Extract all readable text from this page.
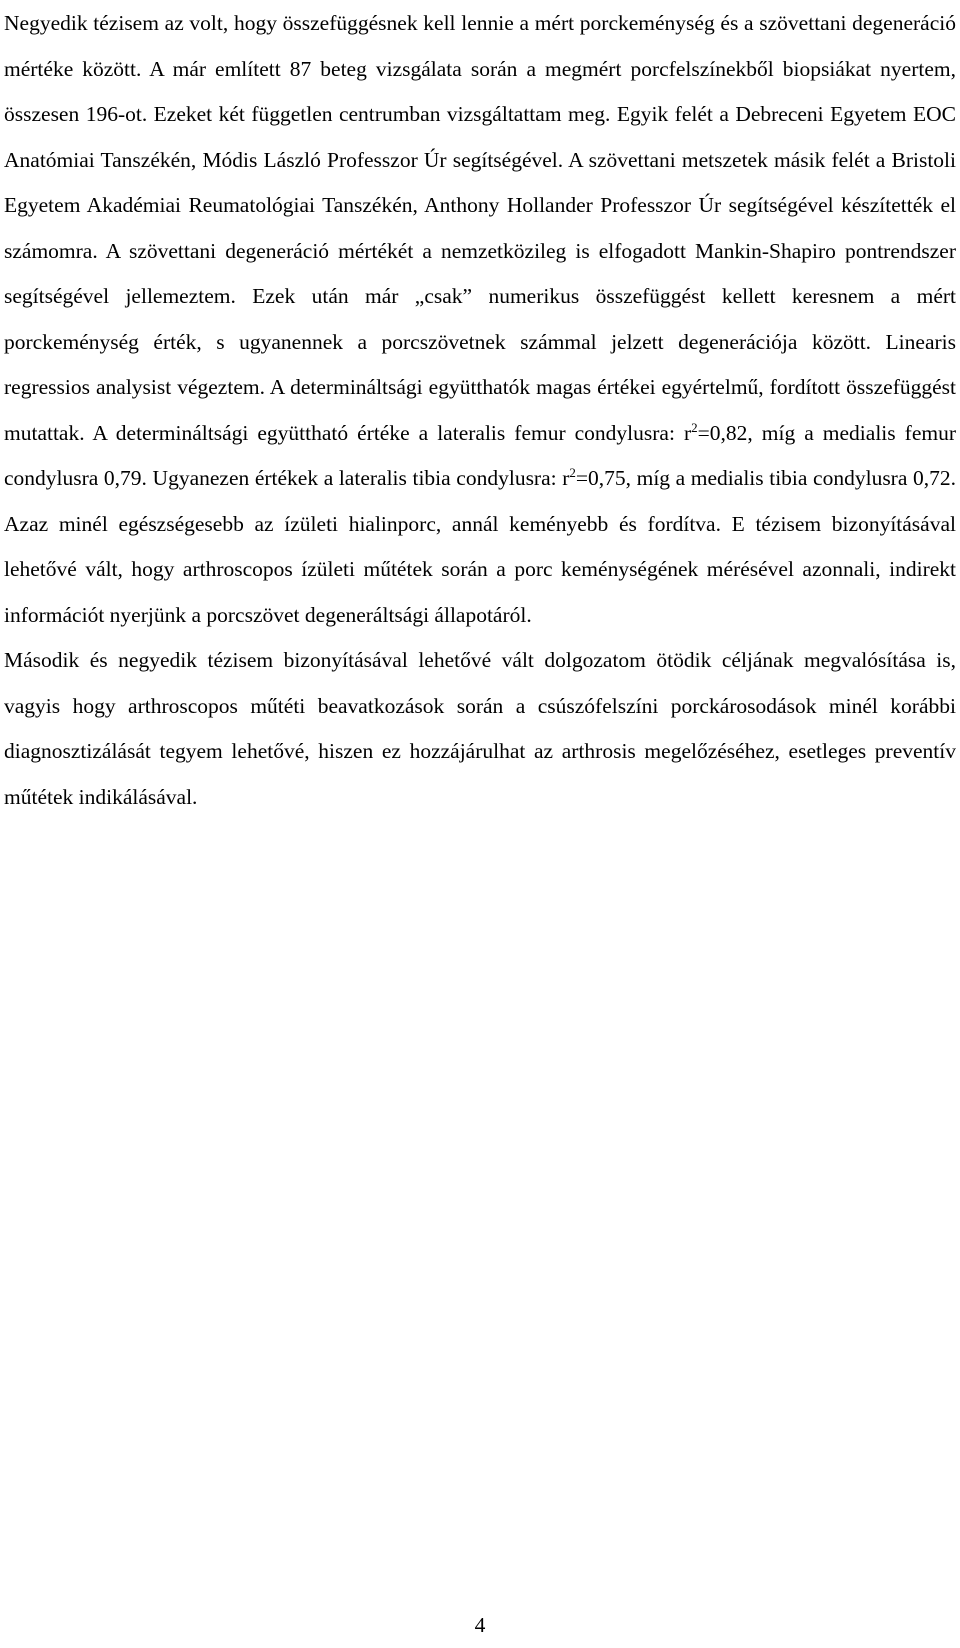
Negyedik tézisem az volt, hogy összefüggésnek kell lennie a mért porckeménység és a szövettani degeneráció mértéke között. A már említett 87 beteg vizsgálata során a megmért porcfelszínekből biopsiákat nyertem, összesen 196-ot. Ezeket két független centrumban vizsgáltattam meg. Egyik felét a Debreceni Egyetem EOC Anatómiai Tanszékén, Módis László Professzor Úr segítségével. A szövettani metszetek másik felét a Bristoli Egyetem Akadémiai Reumatológiai Tanszékén, Anthony Hollander Professzor Úr segítségével készítették el számomra. A szövettani degeneráció mértékét a nemzetközileg is elfogadott Mankin-Shapiro pontrendszer segítségével jellemeztem. Ezek után már „csak” numerikus összefüggést kellett keresnem a mért porckeménység érték, s ugyanennek a porcszövetnek számmal jelzett degenerációja között. Linearis regressios analysist végeztem. A determináltsági együtthatók magas értékei egyértelmű, fordított összefüggést mutattak. A determináltsági együttható értéke a lateralis femur condylusra: $r^2=0,82$, míg a medialis femur condylusra 0,79. Ugyanezen értékek a lateralis tibia condylusra: $r^2=0,75$, míg a medialis tibia condylusra 0,72. Azaz minél egészségesebb az ízületi hialinporc, annál keményebb és fordítva. E tézisem bizonyításával lehetővé vált, hogy arthroscopos ízületi műtétek során a porc keménységének mérésével azonnali, indirekt információt nyerjünk a porcszövet degeneráltsági állapotáról.

Második és negyedik tézisem bizonyításával lehetővé vált dolgozatom ötödik céljának megvalósítása is, vagyis hogy arthroscopos műtéti beavatkozások során a csúszófelszíni porckárosodások minél korábbi diagnosztizálását tegyem lehetővé, hiszen ez hozzájárulhat az arthrosis megelőzéséhez, esetleges preventív műtétek indikálásával.

4
